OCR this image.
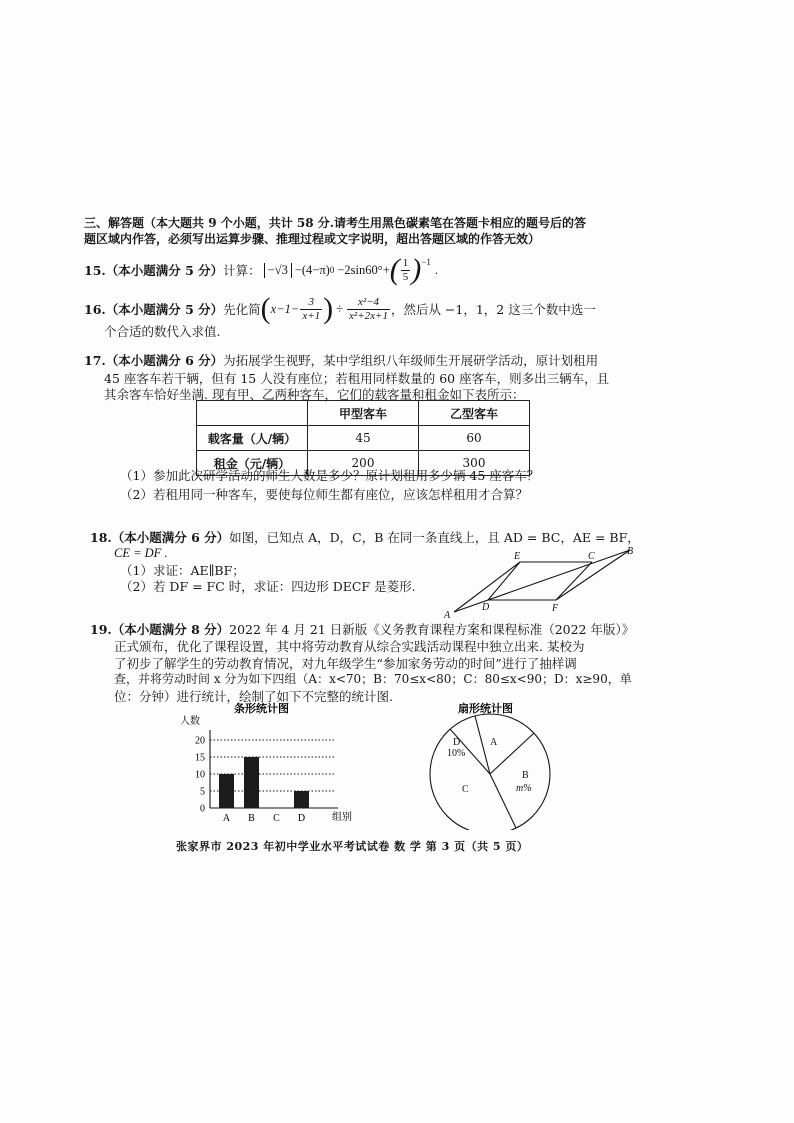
三、解答题（本大题共 9 个小题，共计 58 分.请考生用黑色碳素笔在答题卡相应的题号后的答
题区域内作答，必须写出运算步骤、推理过程或文字说明，超出答题区域的作答无效）
15. （本小题满分 5 分） 计算： −√3 −(4−π) 0 −2sin60°+ ( $\frac{1}{5} )^{-1}$
.
16. （本小题满分 5 分） 先化简 ( $x-1- \frac{3}{x+1}$ ) ÷ $\frac{\text{x²−4}}{\text{x²+2x+1}}$ ，然后从 −1，1，2 这三个数中选一
个合适的数代入求值.
17.（本小题满分 6 分）为拓展学生视野，某中学组织八年级师生开展研学活动，原计划租用
45 座客车若干辆，但有 15 人没有座位；若租用同样数量的 60 座客车，则多出三辆车，且
其余客车恰好坐满. 现有甲、乙两种客车，它们的载客量和租金如下表所示：
	甲型客车	乙型客车
载客量（人/辆）	45	60
租金（元/辆）	200	300
（1）参加此次研学活动的师生人数是多少？原计划租用多少辆 45 座客车？
（2）若租用同一种客车，要使每位师生都有座位，应该怎样租用才合算？
18.（本小题满分 6 分）如图，已知点 A，D，C，B 在同一条直线上，且 AD = BC，AE = BF，
CE = DF .
（1）求证：AE∥BF；
（2）若 DF = FC 时，求证：四边形 DECF 是菱形.
A
D
C	B
E
F
19.（本小题满分 8 分）2022 年 4 月 21 日新版《义务教育课程方案和课程标准（2022 年版）》
正式颁布，优化了课程设置，其中将劳动教育从综合实践活动课程中独立出来. 某校为
了初步了解学生的劳动教育情况，对九年级学生“参加家务劳动的时间”进行了抽样调
查，并将劳动时间 x 分为如下四组（A：x<70；B：70≤x<80；C：80≤x<90；D：x≥90，单
位：分钟）进行统计，绘制了如下不完整的统计图.
条形统计图
人数
0
5
10
15
20
A B C D	组别
扇形统计图
D
10%
A
B
m%
C
张家界市 2023 年初中学业水平考试试卷 数 学 第 3 页（共 5 页）
